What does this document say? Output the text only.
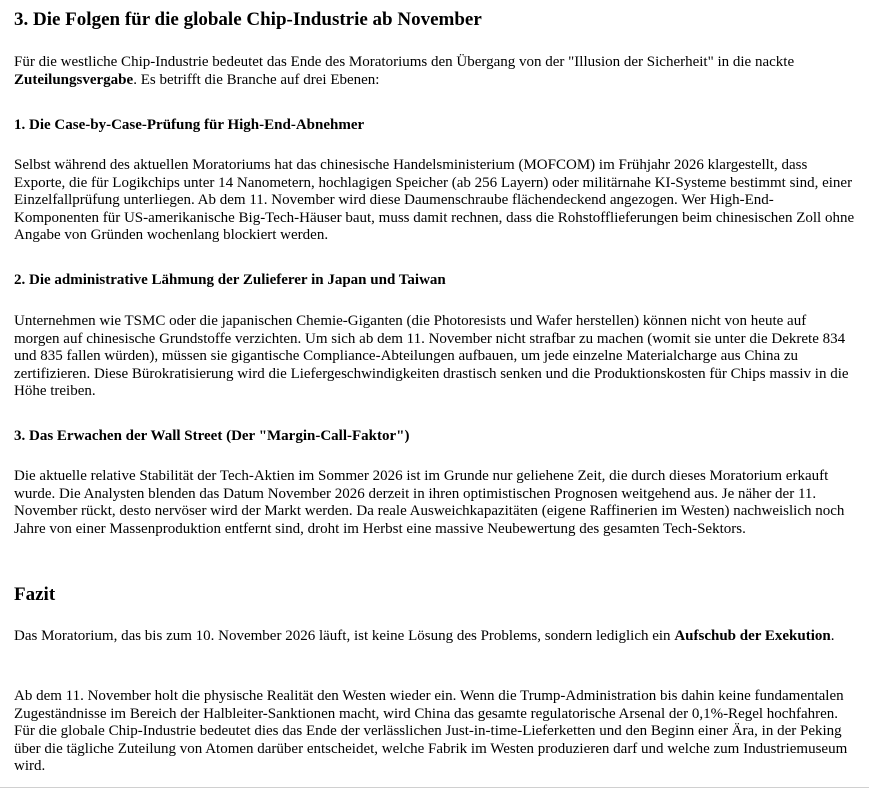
3. Die Folgen für die globale Chip-Industrie ab November

Für die westliche Chip-Industrie bedeutet das Ende des Moratoriums den Übergang von der "Illusion der Sicherheit" in die nackte Zuteilungsvergabe. Es betrifft die Branche auf drei Ebenen:

1. Die Case-by-Case-Prüfung für High-End-Abnehmer

Selbst während des aktuellen Moratoriums hat das chinesische Handelsministerium (MOFCOM) im Frühjahr 2026 klargestellt, dass Exporte, die für Logikchips unter 14 Nanometern, hochlagigen Speicher (ab 256 Layern) oder militärnahe KI-Systeme bestimmt sind, einer Einzelfallprüfung unterliegen. Ab dem 11. November wird diese Daumenschraube flächendeckend angezogen. Wer High-End-Komponenten für US-amerikanische Big-Tech-Häuser baut, muss damit rechnen, dass die Rohstofflieferungen beim chinesischen Zoll ohne Angabe von Gründen wochenlang blockiert werden.

2. Die administrative Lähmung der Zulieferer in Japan und Taiwan

Unternehmen wie TSMC oder die japanischen Chemie-Giganten (die Photoresists und Wafer herstellen) können nicht von heute auf morgen auf chinesische Grundstoffe verzichten. Um sich ab dem 11. November nicht strafbar zu machen (womit sie unter die Dekrete 834 und 835 fallen würden), müssen sie gigantische Compliance-Abteilungen aufbauen, um jede einzelne Materialcharge aus China zu zertifizieren. Diese Bürokratisierung wird die Liefergeschwindigkeiten drastisch senken und die Produktionskosten für Chips massiv in die Höhe treiben.

3. Das Erwachen der Wall Street (Der "Margin-Call-Faktor")

Die aktuelle relative Stabilität der Tech-Aktien im Sommer 2026 ist im Grunde nur geliehene Zeit, die durch dieses Moratorium erkauft wurde. Die Analysten blenden das Datum November 2026 derzeit in ihren optimistischen Prognosen weitgehend aus. Je näher der 11. November rückt, desto nervöser wird der Markt werden. Da reale Ausweichkapazitäten (eigene Raffinerien im Westen) nachweislich noch Jahre von einer Massenproduktion entfernt sind, droht im Herbst eine massive Neubewertung des gesamten Tech-Sektors.

Fazit

Das Moratorium, das bis zum 10. November 2026 läuft, ist keine Lösung des Problems, sondern lediglich ein Aufschub der Exekution.

Ab dem 11. November holt die physische Realität den Westen wieder ein. Wenn die Trump-Administration bis dahin keine fundamentalen Zugeständnisse im Bereich der Halbleiter-Sanktionen macht, wird China das gesamte regulatorische Arsenal der 0,1%-Regel hochfahren. Für die globale Chip-Industrie bedeutet dies das Ende der verlässlichen Just-in-time-Lieferketten und den Beginn einer Ära, in der Peking über die tägliche Zuteilung von Atomen darüber entscheidet, welche Fabrik im Westen produzieren darf und welche zum Industriemuseum wird.
